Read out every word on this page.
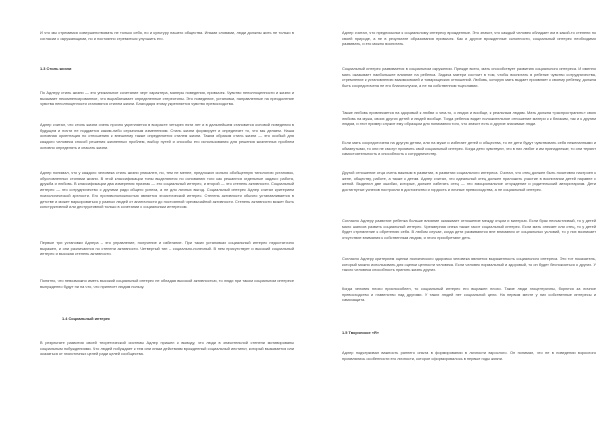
И что мы стремимся совершенствовать не только себя, но и культуру нашего общества. Иными словами, люди должны жить не только в согласии с окружающими, но и постоянно стремиться улучшить его.

1.3 Стиль жизни

По Адлеру стиль жизни — это уникальное сочетание черт характера, манеры поведения, привычек. Чувство неполноценности и жизни и вызывает некомпенсированное, что вырабатывает определенные стереотипы. Это поведение, установки, направленные на преодоление чувства неполноценности становятся стилем жизни. Благодаря этому укрепляется чувство превосходства.

Адлер считал, что стиль жизни очень прочно укрепляется в возрасте четырех пяти лет и в дальнейшем становится основой поведения в будущем и почти не поддается каким-либо серьезным изменениям. Стиль жизни формирует и определяет то, что мы делаем. Наша основная ориентация по отношению к внешнему также определяется стилем жизни. Таким образом стиль жизни — это особый для каждого человека способ решения жизненных проблем, выбор путей и способы его использования для решения жизненных проблем основно определять и спасать жизни.

Адлер понимал, что у каждого человека стиль жизни уникален, но, тем не менее, предложил сильно обобщенную типологию установок, обусловленных стилями жизни. В этой классификации типы выделяются по основанию того как решаются отдельные задачи: работа, дружба и любовь. В классификации два измерения признак — это социальный интерес, и второй — это степень активности. Социальный интерес — это сотрудничество с другими ради общего успеха, а не для личных выгод. Социальный интерес Адлер считал критерием психологической зрелости. Его противоположностью является эгоистический интерес. Степень активности обычно устанавливается в детстве и может варьироваться у разных людей от апатичности до постоянной чрезвычайной активности. Степень активности может быть конструктивной или деструктивной только в сочетании с социальным интересом.

Первые три установки Адлера – это управление, получение и избегание. При таких установках социальный интерес недостаточно выражен, и они различаются по степени активности. Четвертый тип – социально-полезный. В нем присутствует и высокий социальный интерес и высокая степень активности.

Понятно, что невозможно иметь высокий социальный интерес не обладая высокой активностью, то люди при таком социальном интересе вынужденно будут ни на что, что принесет людям пользу.

1.4 Социальный интерес

В результате развития своей теоретической системы Адлер пришел к выводу, что люди в значительной степени мотивированы социальным побуждениями. Что людей побуждает к тем или иным действиям врожденный социальный инстинкт, который вызывается или оказаться от эгоистичных целей ради целей сообщества.

Адлер считал, что предпосылки к социальному интересу врожденные. Это значит, что каждый человек обладает им в какой-то степени по своей природе, а не в результате образования привычек. Как и другие врожденные склонности, социальный интерес необходимо развивать, и его можно воспитать.

Социальный интерес развивается в социальном окружении. Прежде всего, мать способствует развитию социального интереса. И именно мать оказывает наибольшее влияние на ребенка. Задача матери состоит в том, чтобы воспитать в ребенке чувство сотрудничества, стремление к установлению взаимосвязей и товарищеских отношений. Любовь, которую мать выдает проявляет к своему ребенку, должна быть сосредоточена не его благополучии, а не на собственном тщеславии.

Также любовь привлекается на здоровый к любви о чем-то, о людях и вообще, к реальным людям. Мать должна «распространить» свою любовь на мужа, своих других детей и людей вообще. Тогда ребенок видит положительное отношение матери к к близким, так и к другим людям, и этот пример служит ему образцом для понимания того, что значит есть и другие значимые люди.

Если мать сосредоточена на другую детям, или на муже и избегает детей и общества, то ее дети будут чувствовать себя нежеланными и обманутыми, то они не смогут проявить свой социальный интерес. Когда дети чувствуют, что в них любят и им принадлежат, то они теряют самостоятельность и способность к сотрудничеству.

Другой отношение отца очень важным в развитии, в развитии социального интереса. Считал, что отец должен быть позитивно настроен к жене, обществу, работе, а также к детям. Адлер считал, что идеальный отец должен приложить участие в воспитании детей наравне с женой. Выделил две ошибки, которые, должен избегать отец — это эмоциональное отчуждение и родительский авторитаризм. Дети достигнутые успехов построили в достоинство и гордость и личные превосходства, а не социальный интерес.

Согласно Адлеру развитие ребенка больше влияние оказывает отношение между отцом и матерью. Если брак несчастливый, то у детей мало шансов развить социальный интерес. Чрезмерная опека также гасит социальный интерес. Если мать опекает или отец, то у детей будет стремление к обретению себя. В любом случае, когда дети развиваются вне внимания от социальных условий, то у них возникает отсутствие внимания к собственным людям, и этого приобретают деть.

Согласно Адлеру критерием оценки психического здоровья человека является выраженность социального интереса. Это тот показатель, который можно использовать для оценки ценности человека. Если человек нормальный и здоровый, то он будет беспокоиться о других. У такого человека способность принять жизнь других.

Когда человек плохо приспособлен, то социальный интерес его выражен плохо. Такие люди эгоцентричны, борются за личное превосходство и главенство над другими. У таких людей нет социальной цели. На первом месте у них собственные интересы и самозащита.

1.5 Творческое «Я»

Адлер подчеркивал важность раннего опыта в формировании в личности взрослого. Он понимал, что не в поведении взрослого проявлялись особенности его личности, которое сформировалось в первые годы жизни.
